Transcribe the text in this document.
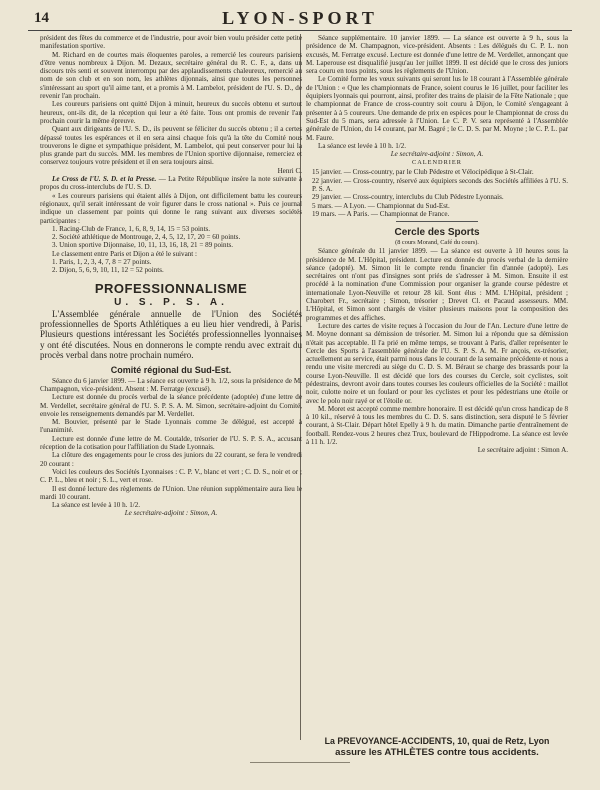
14	LYON-SPORT

président des fêtes du commerce et de l'industrie, pour avoir bien voulu présider cette petite manifestation sportive.

M. Richard en de courtes mais éloquentes paroles, a remercié les coureurs parisiens d'être venus nombreux à Dijon. M. Dezaux, secrétaire général du R. C. F., a, dans un discours très senti et souvent interrompu par des applaudissements chaleureux, remercié au nom de son club et en son nom, les athlètes dijonnais, ainsi que toutes les personnes s'intéressant au sport qu'il aime tant, et a promis à M. Lambelot, président de l'U. S. D., de revenir l'an prochain.

Les coureurs parisiens ont quitté Dijon à minuit, heureux du succès obtenu et surtout heureux, ont-ils dit, de la réception qui leur a été faite. Tous ont promis de revenir l'an prochain courir la même épreuve.

Quant aux dirigeants de l'U. S. D., ils peuvent se féliciter du succès obtenu ; il a certes dépassé toutes les espérances et il en sera ainsi chaque fois qu'à la tête du Comité nous trouverons le digne et sympathique président, M. Lambelot, qui peut conserver pour lui la plus grande part du succès. MM. les membres de l'Union sportive dijonnaise, remerciez et conservez toujours votre président et il en sera toujours ainsi.

Henri C.

Le Cross de l'U. S. D. et la Presse. — La Petite République insère la note suivante à propos du cross-interclubs de l'U. S. D.

« Les coureurs parisiens qui étaient allés à Dijon, ont difficilement battu les coureurs régionaux, qu'il serait intéressant de voir figurer dans le cross national ». Puis ce journal indique un classement par points qui donne le rang suivant aux diverses sociétés participantes :

1. Racing-Club de France, 1, 6, 8, 9, 14, 15 = 53 points.

2. Société athlétique de Montrouge, 2, 4, 5, 12, 17, 20 = 60 points.

3. Union sportive Dijonnaise, 10, 11, 13, 16, 18, 21 = 89 points.

Le classement entre Paris et Dijon a été le suivant :

1. Paris, 1, 2, 3, 4, 7, 8 = 27 points.

2. Dijon, 5, 6, 9, 10, 11, 12 = 52 points.

PROFESSIONNALISME
U. S. P. S. A.

L'Assemblée générale annuelle de l'Union des Sociétés professionnelles de Sports Athlétiques a eu lieu hier vendredi, à Paris. Plusieurs questions intéressant les Sociétés professionnelles lyonnaises y ont été discutées. Nous en donnerons le compte rendu avec extrait du procès verbal dans notre prochain numéro.

Comité régional du Sud-Est.

Séance du 6 janvier 1899. — La séance est ouverte à 9 h. 1/2, sous la présidence de M. Champagnon, vice-président. Absent : M. Ferratge (excusé).

Lecture est donnée du procès verbal de la séance précédente (adoptée) d'une lettre de M. Verdellet, secrétaire général de l'U. S. P. S. A. M. Simon, secrétaire-adjoint du Comité, envoie les renseignements demandés par M. Verdellet.

M. Bouvier, présenté par le Stade Lyonnais comme 3e délégué, est accepté à l'unanimité.

Lecture est donnée d'une lettre de M. Coutalde, trésorier de l'U. S. P. S. A., accusant réception de la cotisation pour l'affiliation du Stade Lyonnais.

La clôture des engagements pour le cross des juniors du 22 courant, se fera le vendredi 20 courant :

Voici les couleurs des Sociétés Lyonnaises : C. P. V., blanc et vert ; C. D. S., noir et or ; C. P. L., bleu et noir ; S. L., vert et rose.

Il est donné lecture des règlements de l'Union. Une réunion supplémentaire aura lieu le mardi 10 courant.

La séance est levée à 10 h. 1/2.

Le secrétaire-adjoint : Simon, A.

Séance supplémentaire. 10 janvier 1899. — La séance est ouverte à 9 h., sous la présidence de M. Champagnon, vice-président. Absents : Les délégués du C. P. L. non excusés, M. Ferratge excusé. Lecture est donnée d'une lettre de M. Verdellet, annonçant que M. Laperouse est disqualifié jusqu'au 1er juillet 1899. Il est décidé que le cross des juniors sera couru en tous points, sous les règlements de l'Union.

Le Comité forme les vœux suivants qui seront lus le 18 courant à l'Assemblée générale de l'Union : « Que les championnats de France, soient courus le 16 juillet, pour faciliter les équipiers lyonnais qui pourront, ainsi, profiter des trains de plaisir de la Fête Nationale ; que le championnat de France de cross-country soit couru à Dijon, le Comité s'engageant à présenter à à 5 coureurs. Une demande de prix en espèces pour le Championnat de cross du Sud-Est du 5 mars, sera adressée à l'Union. Le C. P. V. sera représenté à l'Assemblée générale de l'Union, du 14 courant, par M. Bagré ; le C. D. S. par M. Moyne ; le C. P. L. par M. Faure.

La séance est levée à 10 h. 1/2.

Le secrétaire-adjoint : Simon, A.

CALENDRIER

15 janvier. — Cross-country, par le Club Pédestre et Vélocipédique à St-Clair.

22 janvier. — Cross-country, réservé aux équipiers seconds des Sociétés affiliées à l'U. S. P. S. A.

29 janvier. — Cross-country, interclubs du Club Pédestre Lyonnais.

5 mars. — A Lyon. — Championnat du Sud-Est.

19 mars. — A Paris. — Championnat de France.

Cercle des Sports
(8 cours Morand, Café du cours).

Séance générale du 11 janvier 1899. — La séance est ouverte à 10 heures sous la présidence de M. L'Hôpital, président. Lecture est donnée du procès verbal de la dernière séance (adopté). M. Simon lit le compte rendu financier fin d'année (adopté). Les secrétaires ont n'ont pas d'insignes sont priés de s'adresser à M. Simon. Ensuite il est procédé à la nomination d'une Commission pour organiser la grande course pédestre et internationale Lyon-Neuville et retour 28 kil. Sont élus : MM. L'Hôpital, président ; Charobert Fr., secrétaire ; Simon, trésorier ; Drevet Cl. et Pacaud assesseurs. MM. L'Hôpital, et Simon sont chargés de visiter plusieurs maisons pour la composition des programmes et des affiches.

Lecture des cartes de visite reçues à l'occasion du Jour de l'An. Lecture d'une lettre de M. Moyne donnant sa démission de trésorier. M. Simon lui a répondu que sa démission n'était pas acceptable. Il l'a prié en même temps, se trouvant à Paris, d'aller représenter le Cercle des Sports à l'assemblée générale de l'U. S. P. S. A. M. Fr ançois, ex-trésorier, actuellement au service, était parmi nous dans le courant de la semaine précédente et nous a rendu une visite mercredi au siège du C. D. S. M. Béraut se charge des brassards pour la course Lyon-Neuville. Il est décidé que lors des courses du Cercle, soit cyclistes, soit pédestrains, devront avoir dans toutes courses les couleurs officielles de la Société : maillot noir, culotte noire et un foulard or pour les cyclistes et pour les pédestrians une étoile or avec le polo noir rayé or et l'étoile or.

M. Moret est accepté comme membre honoraire. Il est décidé qu'un cross handicap de 8 à 10 kil., réservé à tous les membres du C. D. S. sans distinction, sera disputé le 5 février courant, à St-Clair. Départ hôtel Epelly à 9 h. du matin. Dimanche partie d'entraînement de football. Rendez-vous 2 heures chez Trux, boulevard de l'Hippodrome. La séance est levée à 11 h. 1/2.

Le secrétaire adjoint : Simon A.

La PREVOYANCE-ACCIDENTS, 10, quai de Retz, Lyon
assure les ATHLÈTES contre tous accidents.
